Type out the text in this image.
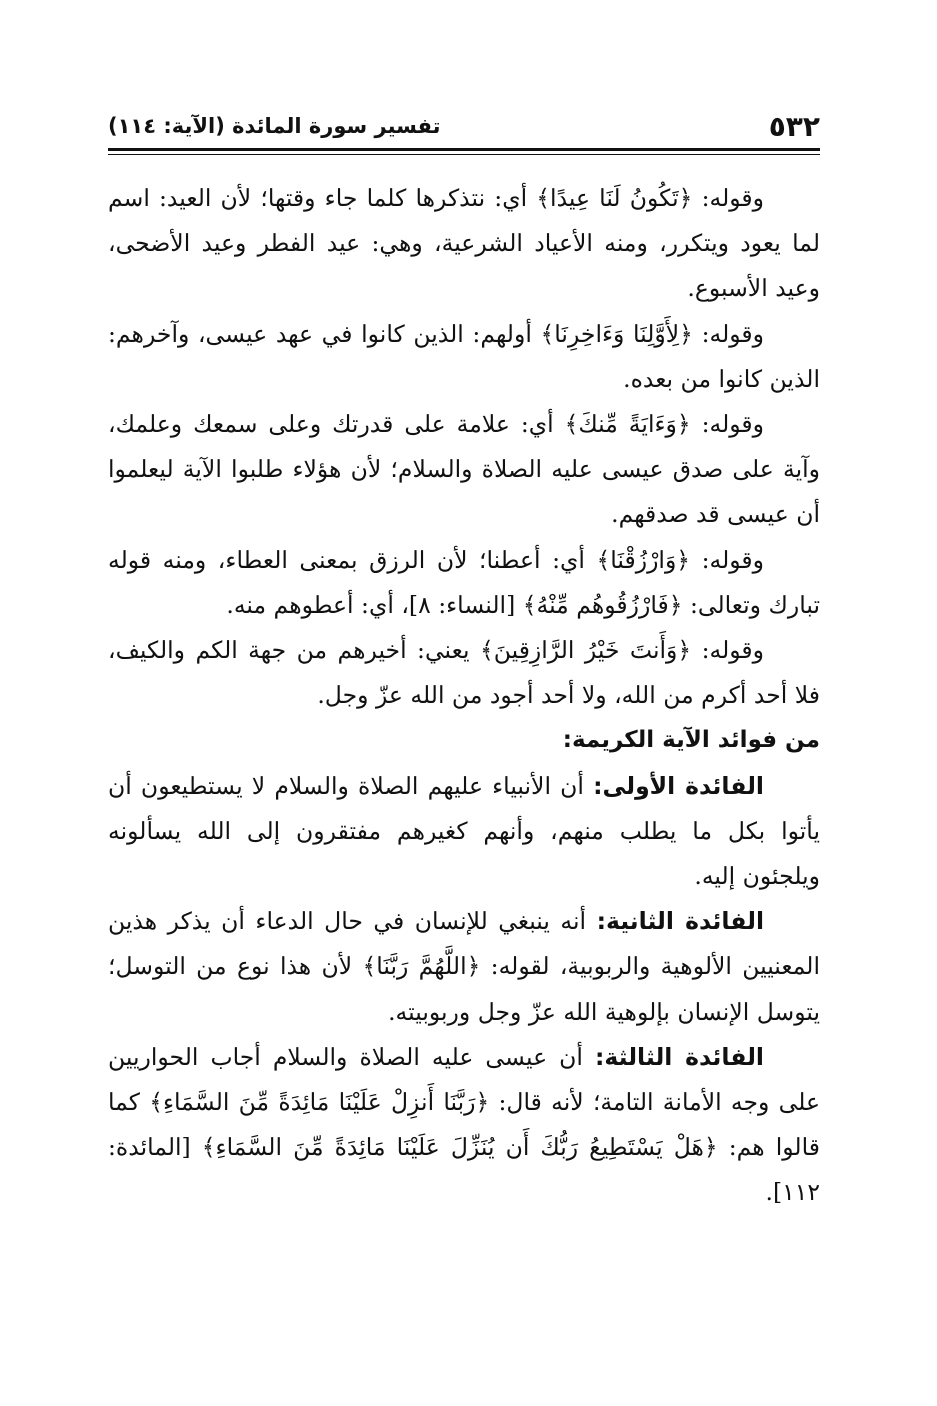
٥٣٢
تفسير سورة المائدة (الآية: ١١٤)

وقوله: ﴿تَكُونُ لَنَا عِيدًا﴾ أي: نتذكرها كلما جاء وقتها؛ لأن العيد: اسم لما يعود ويتكرر، ومنه الأعياد الشرعية، وهي: عيد الفطر وعيد الأضحى، وعيد الأسبوع.

وقوله: ﴿لِأَوَّلِنَا وَءَاخِرِنَا﴾ أولهم: الذين كانوا في عهد عيسى، وآخرهم: الذين كانوا من بعده.

وقوله: ﴿وَءَايَةً مِّنكَ﴾ أي: علامة على قدرتك وعلى سمعك وعلمك، وآية على صدق عيسى عليه الصلاة والسلام؛ لأن هؤلاء طلبوا الآية ليعلموا أن عيسى قد صدقهم.

وقوله: ﴿وَارْزُقْنَا﴾ أي: أعطنا؛ لأن الرزق بمعنى العطاء، ومنه قوله تبارك وتعالى: ﴿فَارْزُقُوهُم مِّنْهُ﴾ [النساء: ٨]، أي: أعطوهم منه.

وقوله: ﴿وَأَنتَ خَيْرُ الرَّازِقِينَ﴾ يعني: أخيرهم من جهة الكم والكيف، فلا أحد أكرم من الله، ولا أحد أجود من الله عزّ وجل.

من فوائد الآية الكريمة:

الفائدة الأولى: أن الأنبياء عليهم الصلاة والسلام لا يستطيعون أن يأتوا بكل ما يطلب منهم، وأنهم كغيرهم مفتقرون إلى الله يسألونه ويلجئون إليه.

الفائدة الثانية: أنه ينبغي للإنسان في حال الدعاء أن يذكر هذين المعنيين الألوهية والربوبية، لقوله: ﴿اللَّهُمَّ رَبَّنَا﴾ لأن هذا نوع من التوسل؛ يتوسل الإنسان بإلوهية الله عزّ وجل وربوبيته.

الفائدة الثالثة: أن عيسى عليه الصلاة والسلام أجاب الحواريين على وجه الأمانة التامة؛ لأنه قال: ﴿رَبَّنَا أَنزِلْ عَلَيْنَا مَائِدَةً مِّنَ السَّمَاءِ﴾ كما قالوا هم: ﴿هَلْ يَسْتَطِيعُ رَبُّكَ أَن يُنَزِّلَ عَلَيْنَا مَائِدَةً مِّنَ السَّمَاءِ﴾ [المائدة: ١١٢].
